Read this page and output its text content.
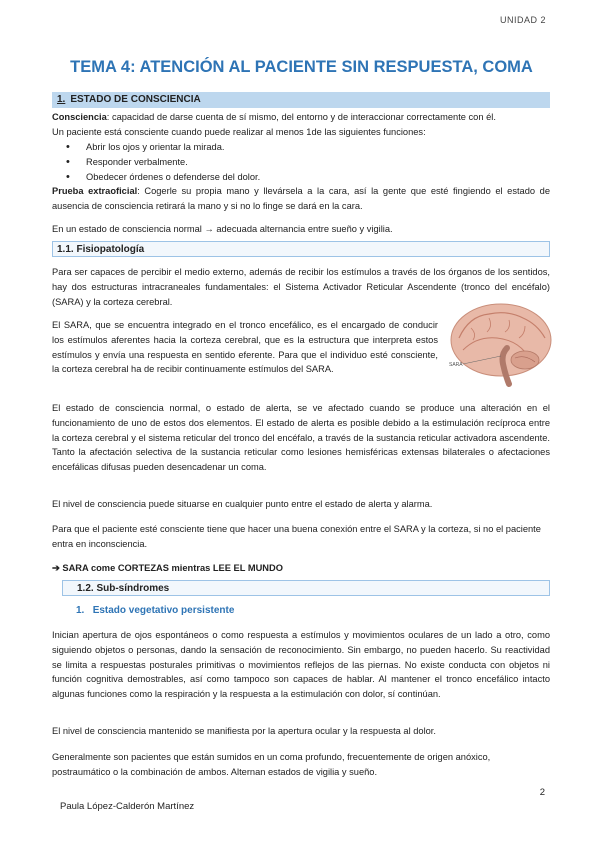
UNIDAD 2
TEMA 4: ATENCIÓN AL PACIENTE SIN RESPUESTA, COMA
1. ESTADO DE CONSCIENCIA
Consciencia: capacidad de darse cuenta de sí mismo, del entorno y de interaccionar correctamente con él.
Un paciente está consciente cuando puede realizar al menos 1de las siguientes funciones:
• Abrir los ojos y orientar la mirada.
• Responder verbalmente.
• Obedecer órdenes o defenderse del dolor.
Prueba extraoficial: Cogerle su propia mano y llevársela a la cara, así la gente que esté fingiendo el estado de ausencia de consciencia retirará la mano y si no lo finge se dará en la cara.
En un estado de consciencia normal → adecuada alternancia entre sueño y vigilia.
1.1. Fisiopatología
Para ser capaces de percibir el medio externo, además de recibir los estímulos a través de los órganos de los sentidos, hay dos estructuras intracraneales fundamentales: el Sistema Activador Reticular Ascendente (tronco del encéfalo) (SARA) y la corteza cerebral.
El SARA, que se encuentra integrado en el tronco encefálico, es el encargado de conducir los estímulos aferentes hacia la corteza cerebral, que es la estructura que interpreta estos estímulos y envía una respuesta en sentido eferente. Para que el individuo esté consciente, la corteza cerebral ha de recibir continuamente estímulos del SARA.	SARA
El estado de consciencia normal, o estado de alerta, se ve afectado cuando se produce una alteración en el funcionamiento de uno de estos dos elementos. El estado de alerta es posible debido a la estimulación recíproca entre la corteza cerebral y el sistema reticular del tronco del encéfalo, a través de la sustancia reticular activadora ascendente. Tanto la afectación selectiva de la sustancia reticular como lesiones hemisféricas extensas bilaterales o afectaciones encefálicas difusas pueden desencadenar un coma.
El nivel de consciencia puede situarse en cualquier punto entre el estado de alerta y alarma.
Para que el paciente esté consciente tiene que hacer una buena conexión entre el SARA y la corteza, si no el paciente entra en inconsciencia.
➔ SARA come CORTEZAS mientras LEE EL MUNDO
1.2. Sub-síndromes
1. Estado vegetativo persistente
Inician apertura de ojos espontáneos o como respuesta a estímulos y movimientos oculares de un lado a otro, como siguiendo objetos o personas, dando la sensación de reconocimiento. Sin embargo, no pueden hacerlo. Su reactividad se limita a respuestas posturales primitivas o movimientos reflejos de las piernas. No existe conducta con objetos ni función cognitiva demostrables, así como tampoco son capaces de hablar. Al mantener el tronco encefálico intacto algunas funciones como la respiración y la respuesta a la estimulación con dolor, sí continúan.
El nivel de consciencia mantenido se manifiesta por la apertura ocular y la respuesta al dolor.
Generalmente son pacientes que están sumidos en un coma profundo, frecuentemente de origen anóxico, postraumático o la combinación de ambos. Alternan estados de vigilia y sueño.
2
Paula López-Calderón Martínez
